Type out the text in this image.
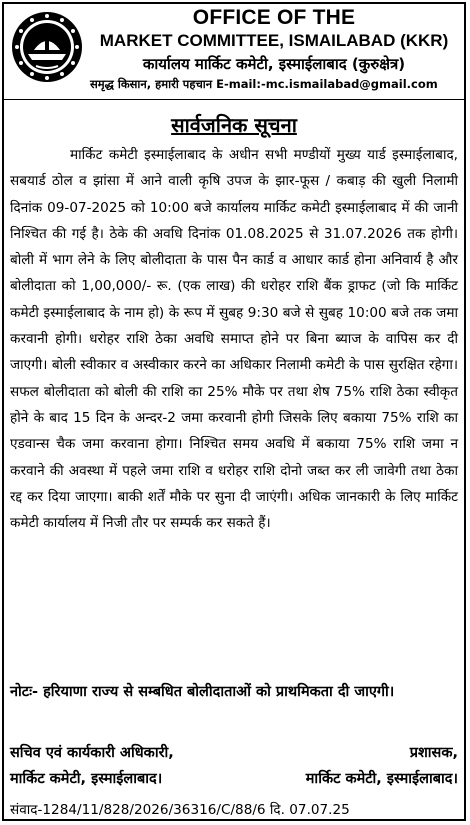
OFFICE OF THE
MARKET COMMITTEE, ISMAILABAD (KKR)
कार्यालय मार्किट कमेटी, इस्माईलाबाद (कुरुक्षेत्र)
समृद्ध किसान, हमारी पहचान E-mail:-mc.ismailabad@gmail.com
सार्वजनिक सूचना

मार्किट कमेटी इस्माईलाबाद के अधीन सभी मण्डीयों मुख्य यार्ड इस्माईलाबाद, सबयार्ड ठोल व झांसा में आने वाली कृषि उपज के झार-फूस / कबाड़ की खुली निलामी दिनांक 09-07-2025 को 10:00 बजे कार्यालय मार्किट कमेटी इस्माईलाबाद में की जानी निश्चित की गई है। ठेके की अवधि दिनांक 01.08.2025 से 31.07.2026 तक होगी। बोली में भाग लेने के लिए बोलीदाता के पास पैन कार्ड व आधार कार्ड होना अनिवार्य है और बोलीदाता को 1,00,000/- रू. (एक लाख) की धरोहर राशि बैंक ड्राफट (जो कि मार्किट कमेटी इस्माईलाबाद के नाम हो) के रूप में सुबह 9:30 बजे से सुबह 10:00 बजे तक जमा करवानी होगी। धरोहर राशि ठेका अवधि समाप्त होने पर बिना ब्याज के वापिस कर दी जाएगी। बोली स्वीकार व अस्वीकार करने का अधिकार निलामी कमेटी के पास सुरक्षित रहेगा। सफल बोलीदाता को बोली की राशि का 25% मौके पर तथा शेष 75% राशि ठेका स्वीकृत होने के बाद 15 दिन के अन्दर-2 जमा करवानी होगी जिसके लिए बकाया 75% राशि का एडवान्स चैक जमा करवाना होगा। निश्चित समय अवधि में बकाया 75% राशि जमा न करवाने की अवस्था में पहले जमा राशि व धरोहर राशि दोनो जब्त कर ली जावेगी तथा ठेका रद्द कर दिया जाएगा। बाकी शर्तें मौके पर सुना दी जाएंगी। अधिक जानकारी के लिए मार्किट कमेटी कार्यालय में निजी तौर पर सम्पर्क कर सकते हैं।

नोटः- हरियाणा राज्य से सम्बधित बोलीदाताओं को प्राथमिकता दी जाएगी।
सचिव एवं कार्यकारी अधिकारी,
मार्किट कमेटी, इस्माईलाबाद।
प्रशासक,
मार्किट कमेटी, इस्माईलाबाद।
संवाद-1284/11/828/2026/36316/C/88/6 दि. 07.07.25
